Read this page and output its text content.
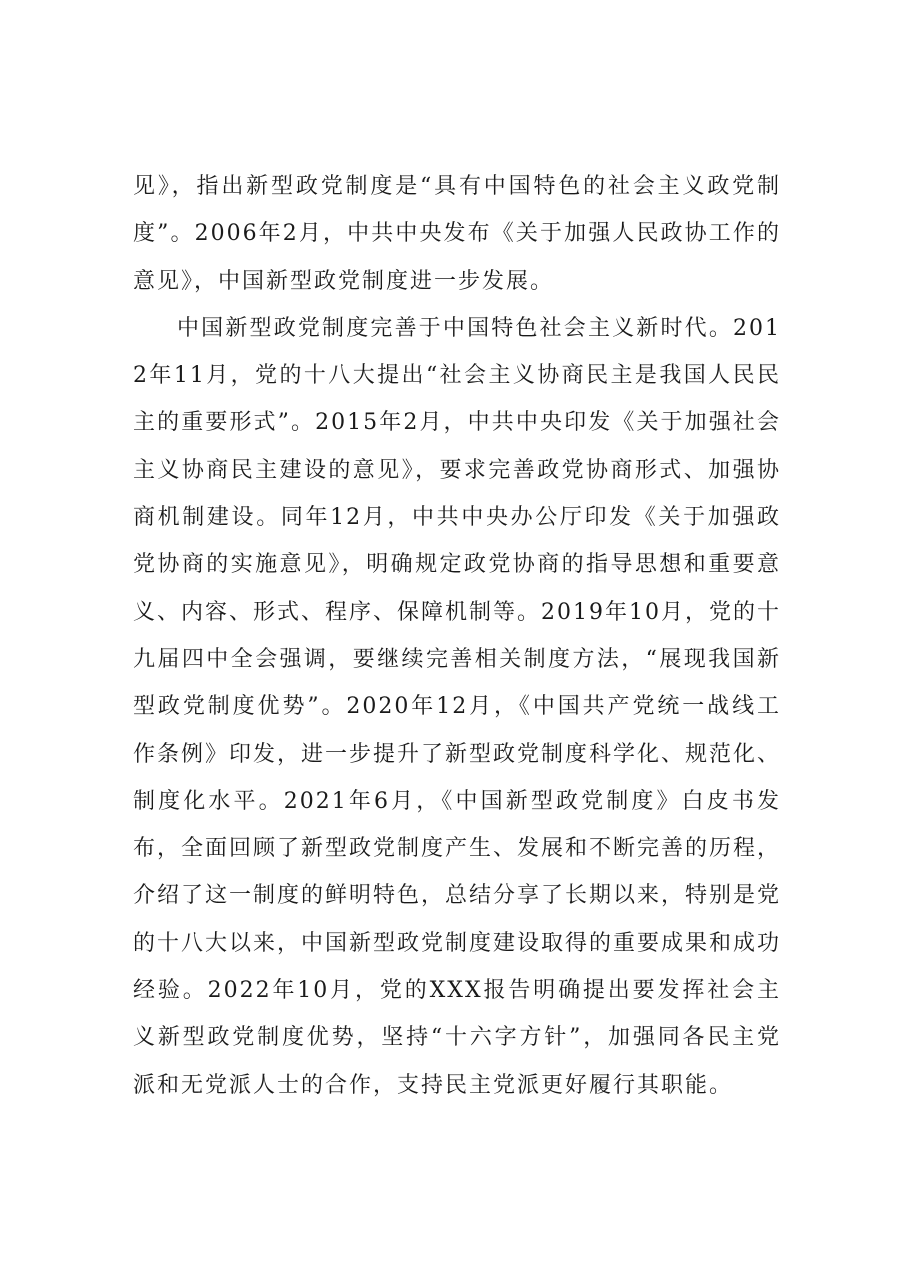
见》，指出新型政党制度是“具有中国特色的社会主义政党制度”。2006年2月，中共中央发布《关于加强人民政协工作的意见》，中国新型政党制度进一步发展。

中国新型政党制度完善于中国特色社会主义新时代。2012年11月，党的十八大提出“社会主义协商民主是我国人民民主的重要形式”。2015年2月，中共中央印发《关于加强社会主义协商民主建设的意见》，要求完善政党协商形式、加强协商机制建设。同年12月，中共中央办公厅印发《关于加强政党协商的实施意见》，明确规定政党协商的指导思想和重要意义、内容、形式、程序、保障机制等。2019年10月，党的十九届四中全会强调，要继续完善相关制度方法，“展现我国新型政党制度优势”。2020年12月，《中国共产党统一战线工作条例》印发，进一步提升了新型政党制度科学化、规范化、制度化水平。2021年6月，《中国新型政党制度》白皮书发布，全面回顾了新型政党制度产生、发展和不断完善的历程，介绍了这一制度的鲜明特色，总结分享了长期以来，特别是党的十八大以来，中国新型政党制度建设取得的重要成果和成功经验。2022年10月，党的XXX报告明确提出要发挥社会主义新型政党制度优势，坚持“十六字方针”，加强同各民主党派和无党派人士的合作，支持民主党派更好履行其职能。
